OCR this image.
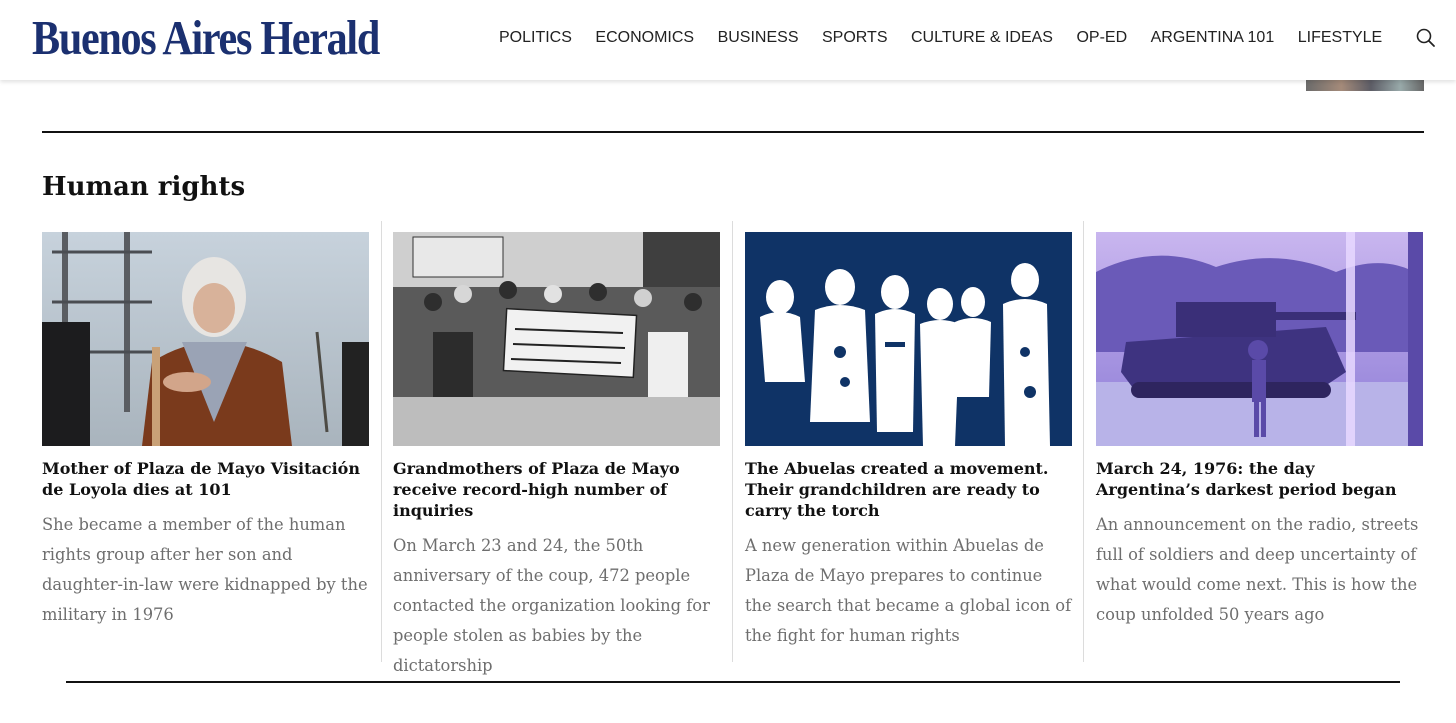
Buenos Aires Herald	POLITICS ECONOMICS BUSINESS SPORTS CULTURE & IDEAS OP-ED ARGENTINA 101 LIFESTYLE
Human rights
Mother of Plaza de Mayo Visitación de Loyola dies at 101

She became a member of the human rights group after her son and daughter-in-law were kidnapped by the military in 1976

Grandmothers of Plaza de Mayo receive record-high number of inquiries

On March 23 and 24, the 50th anniversary of the coup, 472 people contacted the organization looking for people stolen as babies by the dictatorship

The Abuelas created a movement. Their grandchildren are ready to carry the torch

A new generation within Abuelas de Plaza de Mayo prepares to continue the search that became a global icon of the fight for human rights

March 24, 1976: the day Argentina’s darkest period began

An announcement on the radio, streets full of soldiers and deep uncertainty of what would come next. This is how the coup unfolded 50 years ago
